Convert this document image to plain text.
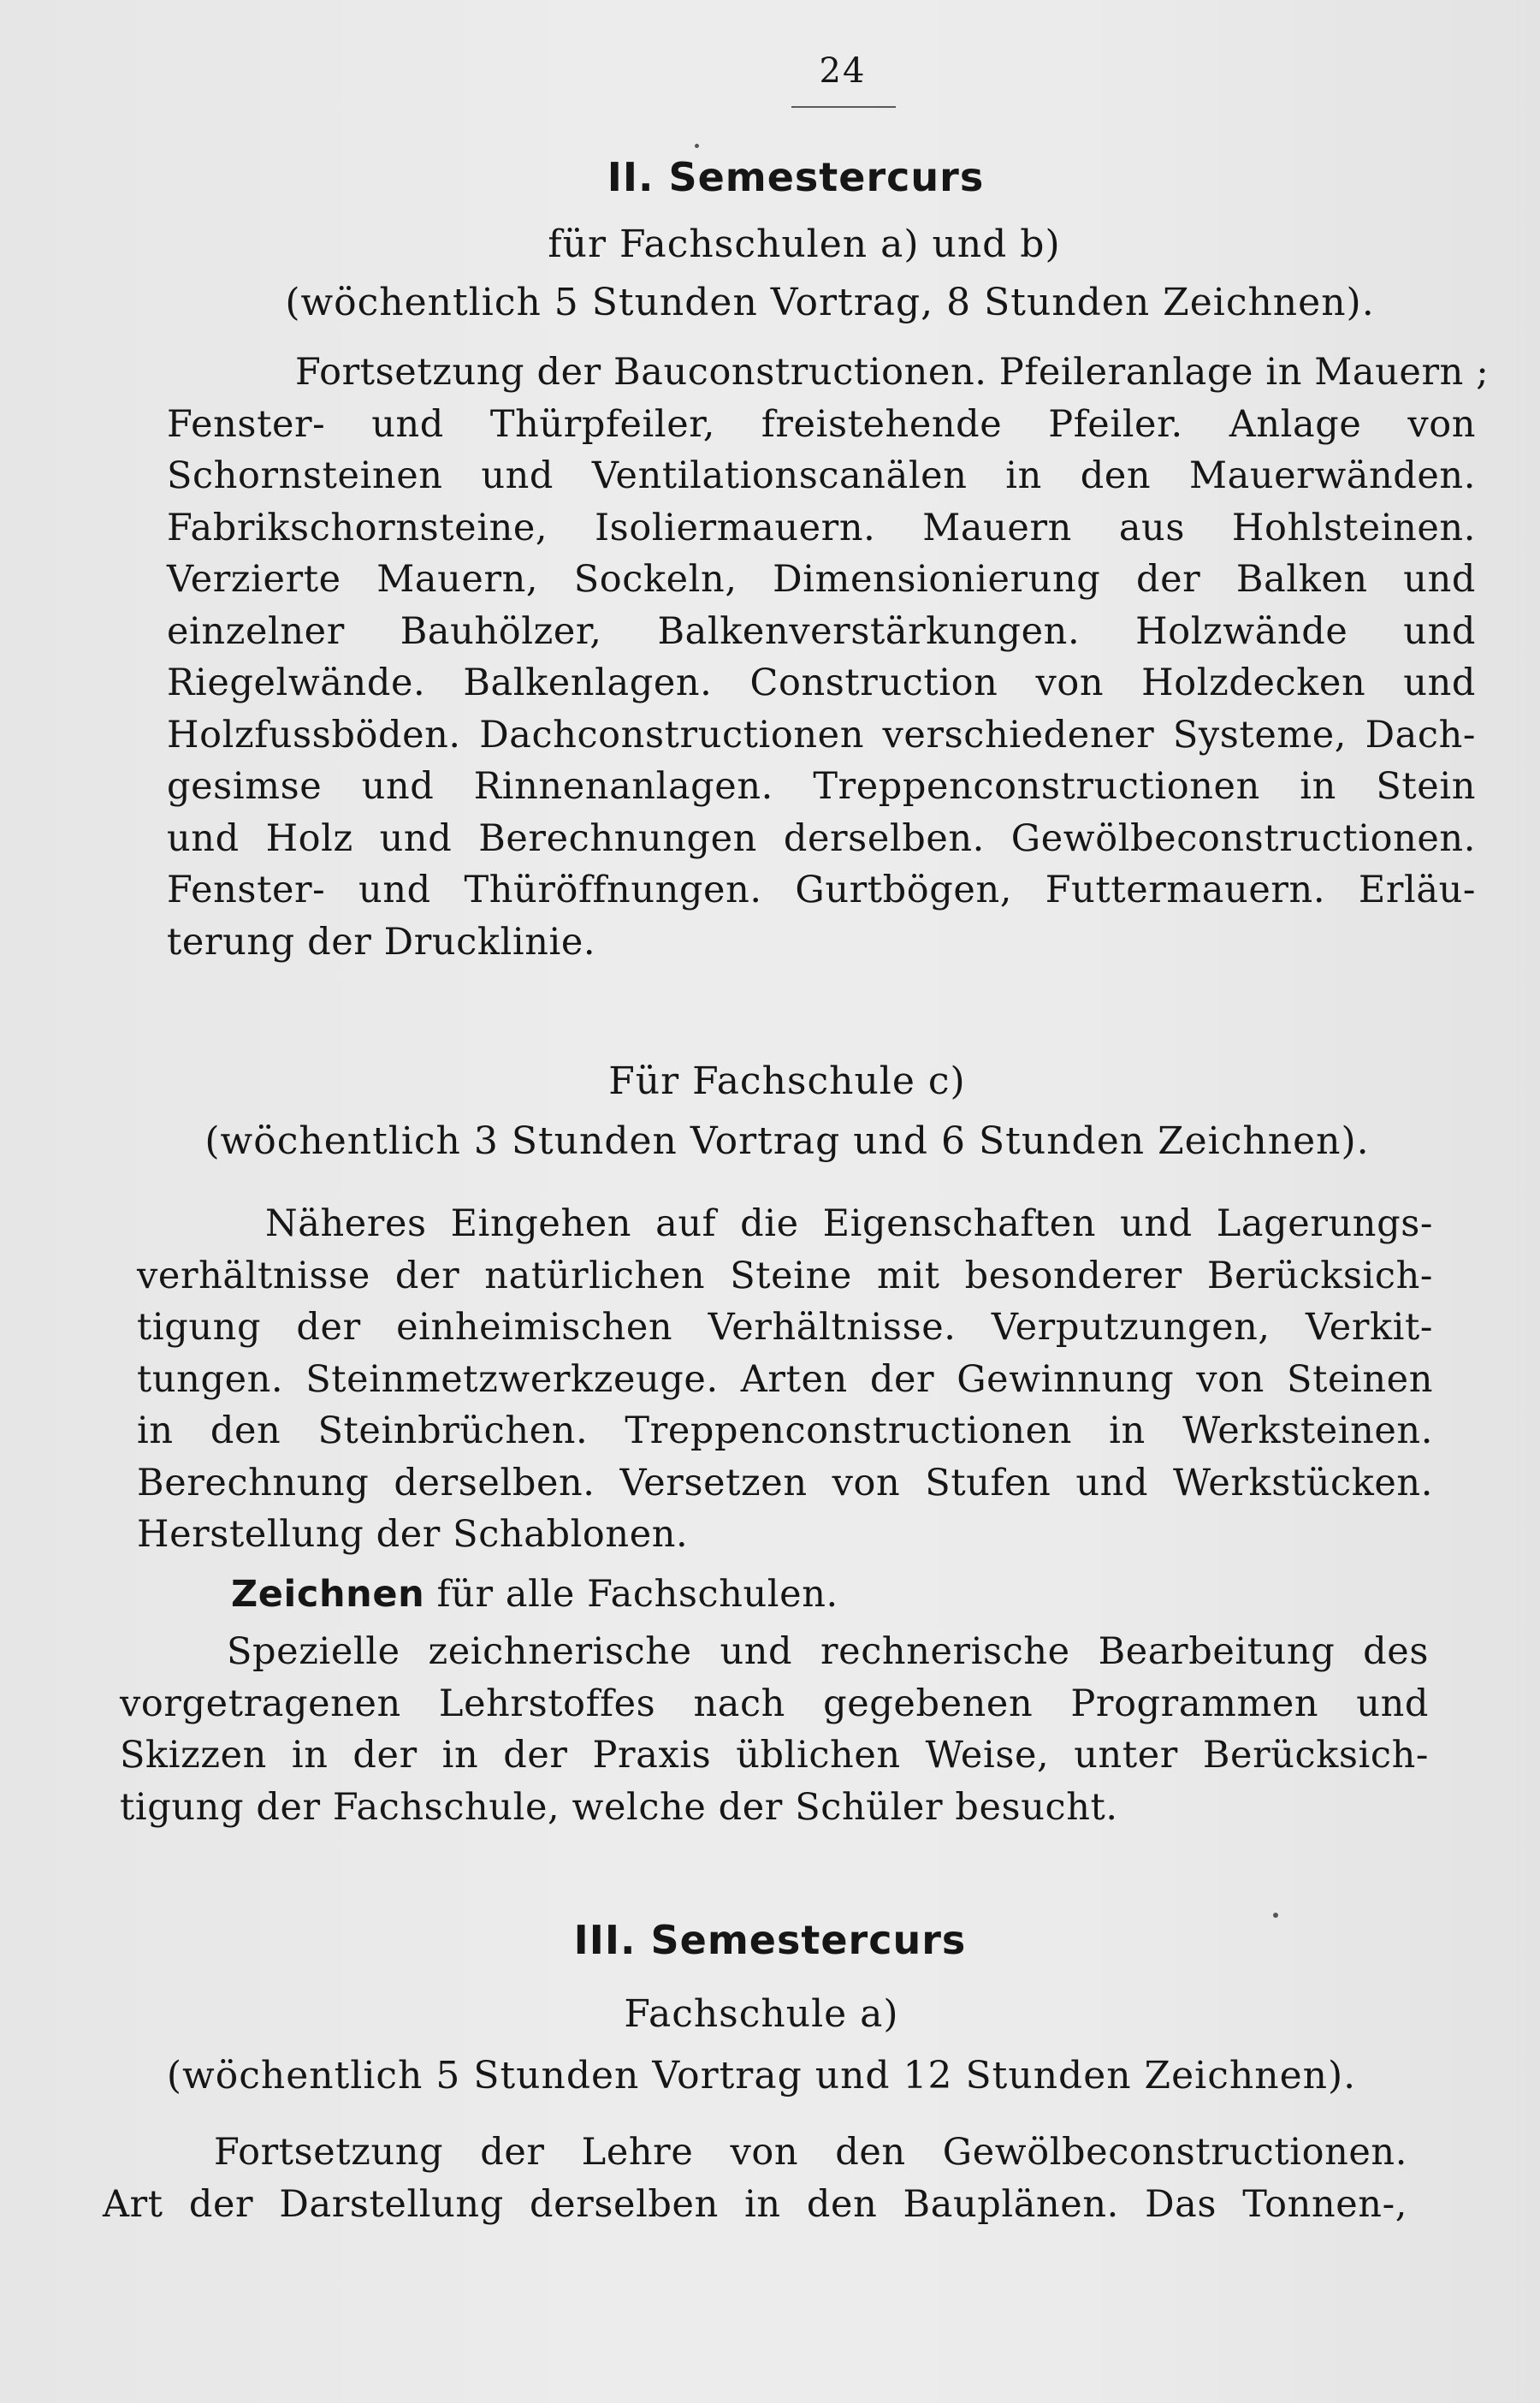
24
II. Semestercurs
für Fachschulen a) und b)
(wöchentlich 5 Stunden Vortrag, 8 Stunden Zeichnen).
Fortsetzung der Bauconstructionen. Pfeileranlage in Mauern ;
Fenster- und Thürpfeiler, freistehende Pfeiler. Anlage von
Schornsteinen und Ventilationscanälen in den Mauerwänden.
Fabrikschornsteine, Isoliermauern. Mauern aus Hohlsteinen.
Verzierte Mauern, Sockeln, Dimensionierung der Balken und
einzelner Bauhölzer, Balkenverstärkungen. Holzwände und
Riegelwände. Balkenlagen. Construction von Holzdecken und
Holzfussböden. Dachconstructionen verschiedener Systeme, Dach-
gesimse und Rinnenanlagen. Treppenconstructionen in Stein
und Holz und Berechnungen derselben. Gewölbeconstructionen.
Fenster- und Thüröffnungen. Gurtbögen, Futtermauern. Erläu-
terung der Drucklinie.
Für Fachschule c)
(wöchentlich 3 Stunden Vortrag und 6 Stunden Zeichnen).
Näheres Eingehen auf die Eigenschaften und Lagerungs-
verhältnisse der natürlichen Steine mit besonderer Berücksich-
tigung der einheimischen Verhältnisse. Verputzungen, Verkit-
tungen. Steinmetzwerkzeuge. Arten der Gewinnung von Steinen
in den Steinbrüchen. Treppenconstructionen in Werksteinen.
Berechnung derselben. Versetzen von Stufen und Werkstücken.
Herstellung der Schablonen.
Zeichnen für alle Fachschulen.
Spezielle zeichnerische und rechnerische Bearbeitung des
vorgetragenen Lehrstoffes nach gegebenen Programmen und
Skizzen in der in der Praxis üblichen Weise, unter Berücksich-
tigung der Fachschule, welche der Schüler besucht.
III. Semestercurs
Fachschule a)
(wöchentlich 5 Stunden Vortrag und 12 Stunden Zeichnen).
Fortsetzung der Lehre von den Gewölbeconstructionen.
Art der Darstellung derselben in den Bauplänen. Das Tonnen-,
